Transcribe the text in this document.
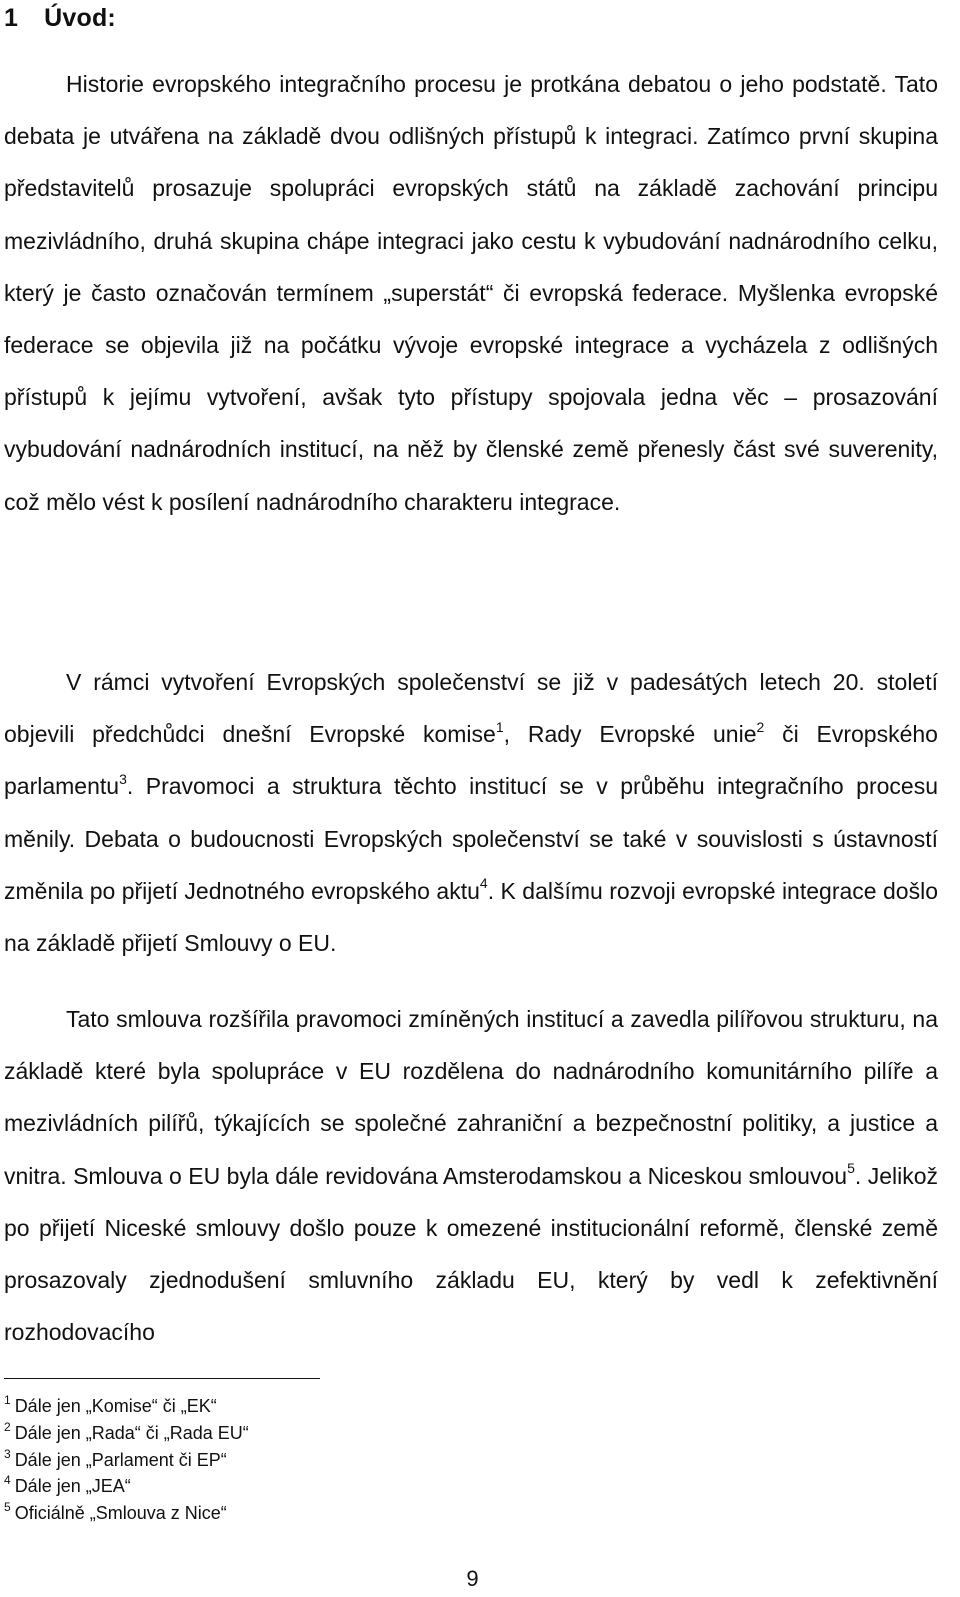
1 Úvod:

Historie evropského integračního procesu je protkána debatou o jeho podstatě. Tato debata je utvářena na základě dvou odlišných přístupů k integraci. Zatímco první skupina představitelů prosazuje spolupráci evropských států na základě zachování principu mezivládního, druhá skupina chápe integraci jako cestu k vybudování nadnárodního celku, který je často označován termínem „superstát“ či evropská federace. Myšlenka evropské federace se objevila již na počátku vývoje evropské integrace a vycházela z odlišných přístupů k jejímu vytvoření, avšak tyto přístupy spojovala jedna věc – prosazování vybudování nadnárodních institucí, na něž by členské země přenesly část své suverenity, což mělo vést k posílení nadnárodního charakteru integrace.

V rámci vytvoření Evropských společenství se již v padesátých letech 20. století objevili předchůdci dnešní Evropské komise$^1$, Rady Evropské unie$^2$ či Evropského parlamentu$^3$. Pravomoci a struktura těchto institucí se v průběhu integračního procesu měnily. Debata o budoucnosti Evropských společenství se také v souvislosti s ústavností změnila po přijetí Jednotného evropského aktu$^4$. K dalšímu rozvoji evropské integrace došlo na základě přijetí Smlouvy o EU.

Tato smlouva rozšířila pravomoci zmíněných institucí a zavedla pilířovou strukturu, na základě které byla spolupráce v EU rozdělena do nadnárodního komunitárního pilíře a mezivládních pilířů, týkajících se společné zahraniční a bezpečnostní politiky, a justice a vnitra. Smlouva o EU byla dále revidována Amsterodamskou a Niceskou smlouvou$^5$. Jelikož po přijetí Niceské smlouvy došlo pouze k omezené institucionální reformě, členské země prosazovaly zjednodušení smluvního základu EU, který by vedl k zefektivnění rozhodovacího

$^1$ Dále jen „Komise“ či „EK“
$^2$ Dále jen „Rada“ či „Rada EU“
$^3$ Dále jen „Parlament či EP“
$^4$ Dále jen „JEA“
$^5$ Oficiálně „Smlouva z Nice“
9
